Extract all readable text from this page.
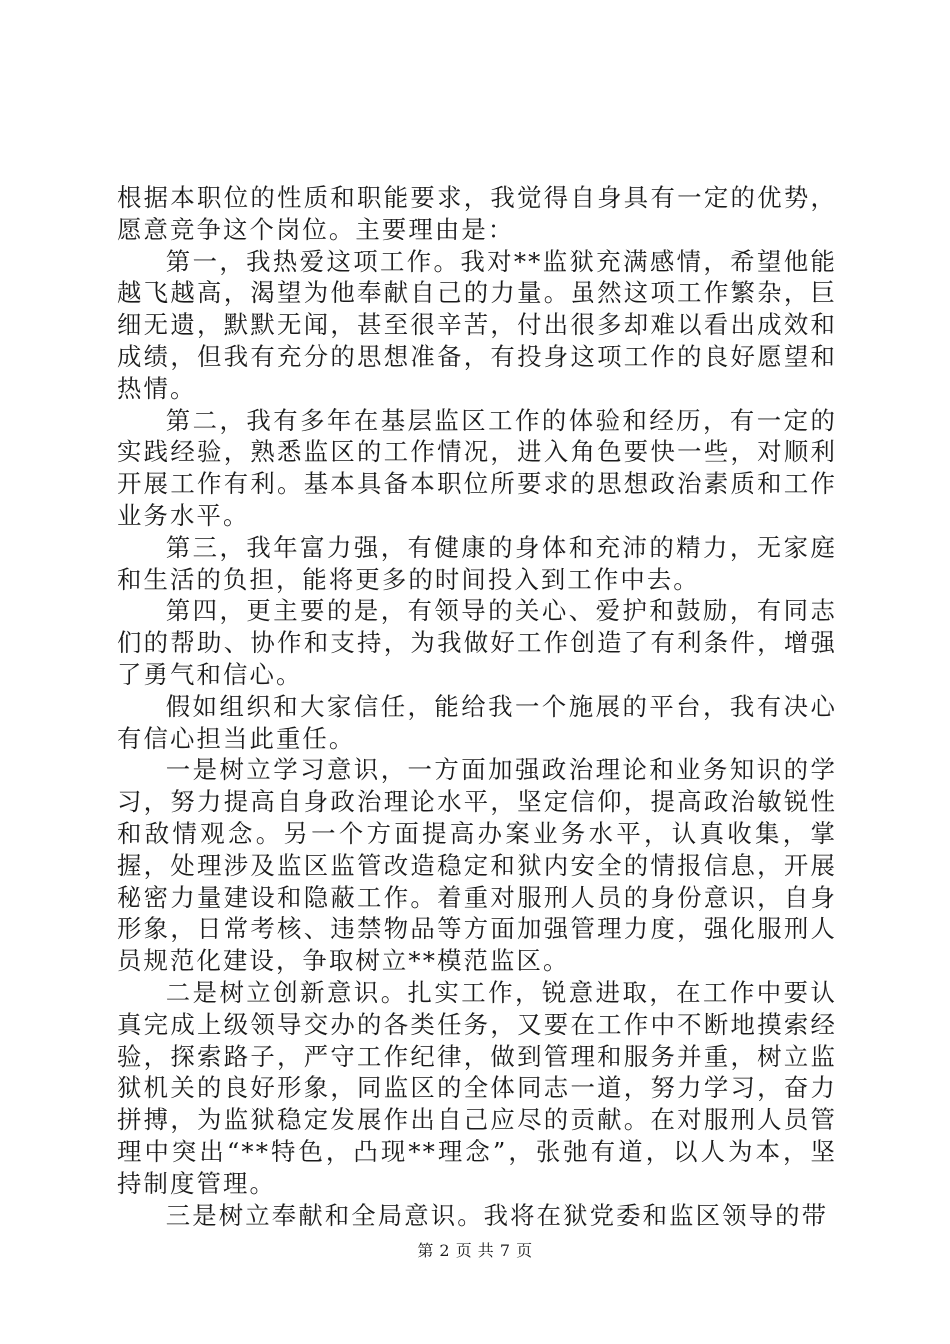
根据本职位的性质和职能要求，我觉得自身具有一定的优势，愿意竞争这个岗位。主要理由是：

第一，我热爱这项工作。我对**监狱充满感情，希望他能越飞越高，渴望为他奉献自己的力量。虽然这项工作繁杂，巨细无遗，默默无闻，甚至很辛苦，付出很多却难以看出成效和成绩，但我有充分的思想准备，有投身这项工作的良好愿望和热情。

第二，我有多年在基层监区工作的体验和经历，有一定的实践经验，熟悉监区的工作情况，进入角色要快一些，对顺利开展工作有利。基本具备本职位所要求的思想政治素质和工作业务水平。

第三，我年富力强，有健康的身体和充沛的精力，无家庭和生活的负担，能将更多的时间投入到工作中去。

第四，更主要的是，有领导的关心、爱护和鼓励，有同志们的帮助、协作和支持，为我做好工作创造了有利条件，增强了勇气和信心。

假如组织和大家信任，能给我一个施展的平台，我有决心有信心担当此重任。

一是树立学习意识，一方面加强政治理论和业务知识的学习，努力提高自身政治理论水平，坚定信仰，提高政治敏锐性和敌情观念。另一个方面提高办案业务水平，认真收集，掌握，处理涉及监区监管改造稳定和狱内安全的情报信息，开展秘密力量建设和隐蔽工作。着重对服刑人员的身份意识，自身形象，日常考核、违禁物品等方面加强管理力度，强化服刑人员规范化建设，争取树立**模范监区。

二是树立创新意识。扎实工作，锐意进取，在工作中要认真完成上级领导交办的各类任务，又要在工作中不断地摸索经验，探索路子，严守工作纪律，做到管理和服务并重，树立监狱机关的良好形象，同监区的全体同志一道，努力学习，奋力拼搏，为监狱稳定发展作出自己应尽的贡献。在对服刑人员管理中突出“**特色，凸现**理念”，张弛有道，以人为本，坚持制度管理。

三是树立奉献和全局意识。我将在狱党委和监区领导的带

第 2 页 共 7 页
